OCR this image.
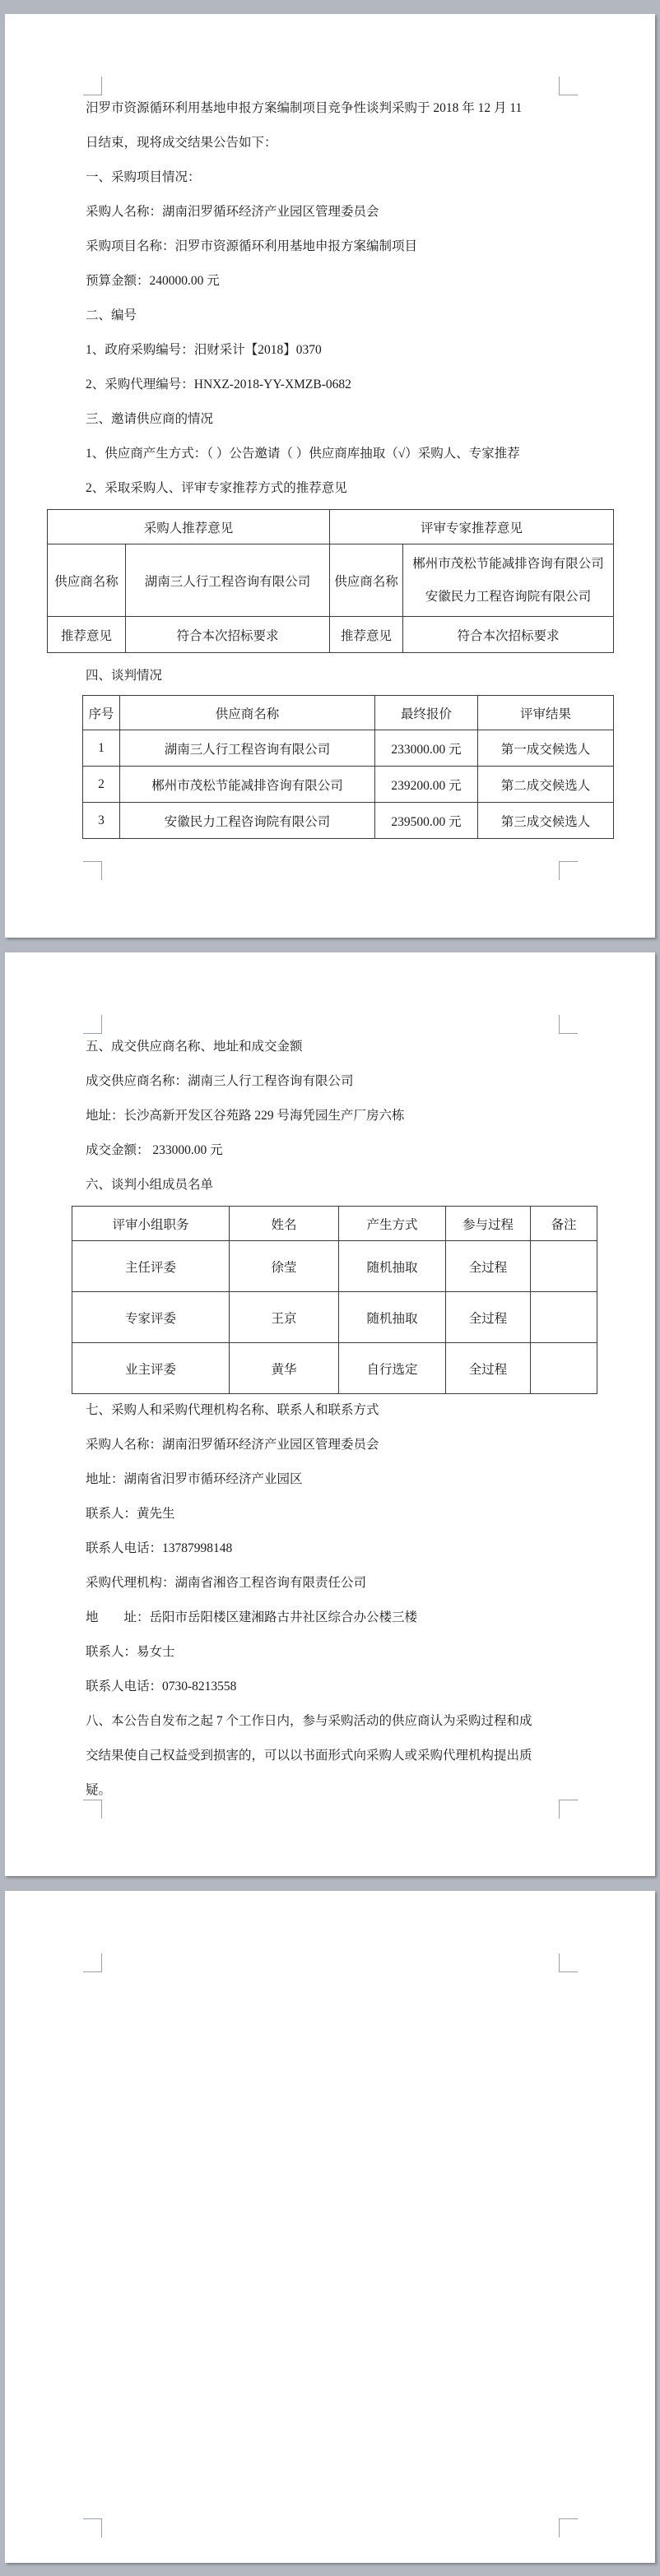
汨罗市资源循环利用基地申报方案编制项目竞争性谈判采购于 2018 年 12 月 11
日结束，现将成交结果公告如下：
一、采购项目情况：
采购人名称：湖南汨罗循环经济产业园区管理委员会
采购项目名称：汨罗市资源循环利用基地申报方案编制项目
预算金额：240000.00 元
二、编号
1、政府采购编号：汨财采计【2018】0370
2、采购代理编号：HNXZ-2018-YY-XMZB-0682
三、邀请供应商的情况
1、供应商产生方式：（ ）公告邀请（ ）供应商库抽取（√）采购人、专家推荐
2、采取采购人、评审专家推荐方式的推荐意见
采购人推荐意见		评审专家推荐意见	
供应商名称	湖南三人行工程咨询有限公司	供应商名称	郴州市茂松节能减排咨询有限公司
安徽民力工程咨询院有限公司

推荐意见	符合本次招标要求	推荐意见	符合本次招标要求
四、谈判情况
序号	供应商名称	最终报价	评审结果
1	湖南三人行工程咨询有限公司	233000.00 元	第一成交候选人
2	郴州市茂松节能减排咨询有限公司	239200.00 元	第二成交候选人
3	安徽民力工程咨询院有限公司	239500.00 元	第三成交候选人
五、成交供应商名称、地址和成交金额
成交供应商名称：湖南三人行工程咨询有限公司
地址：长沙高新开发区谷苑路 229 号海凭园生产厂房六栋
成交金额： 233000.00 元
六、谈判小组成员名单
评审小组职务	姓名	产生方式	参与过程	备注
主任评委	徐莹	随机抽取	全过程	
专家评委	王京	随机抽取	全过程	
业主评委	黄华	自行选定	全过程	
七、采购人和采购代理机构名称、联系人和联系方式
采购人名称：湖南汨罗循环经济产业园区管理委员会
地址：湖南省汨罗市循环经济产业园区
联系人：黄先生
联系人电话：13787998148
采购代理机构：湖南省湘咨工程咨询有限责任公司
地　　址：岳阳市岳阳楼区建湘路古井社区综合办公楼三楼
联系人：易女士
联系人电话：0730-8213558
八、本公告自发布之起 7 个工作日内，参与采购活动的供应商认为采购过程和成
交结果使自己权益受到损害的，可以以书面形式向采购人或采购代理机构提出质
疑。
